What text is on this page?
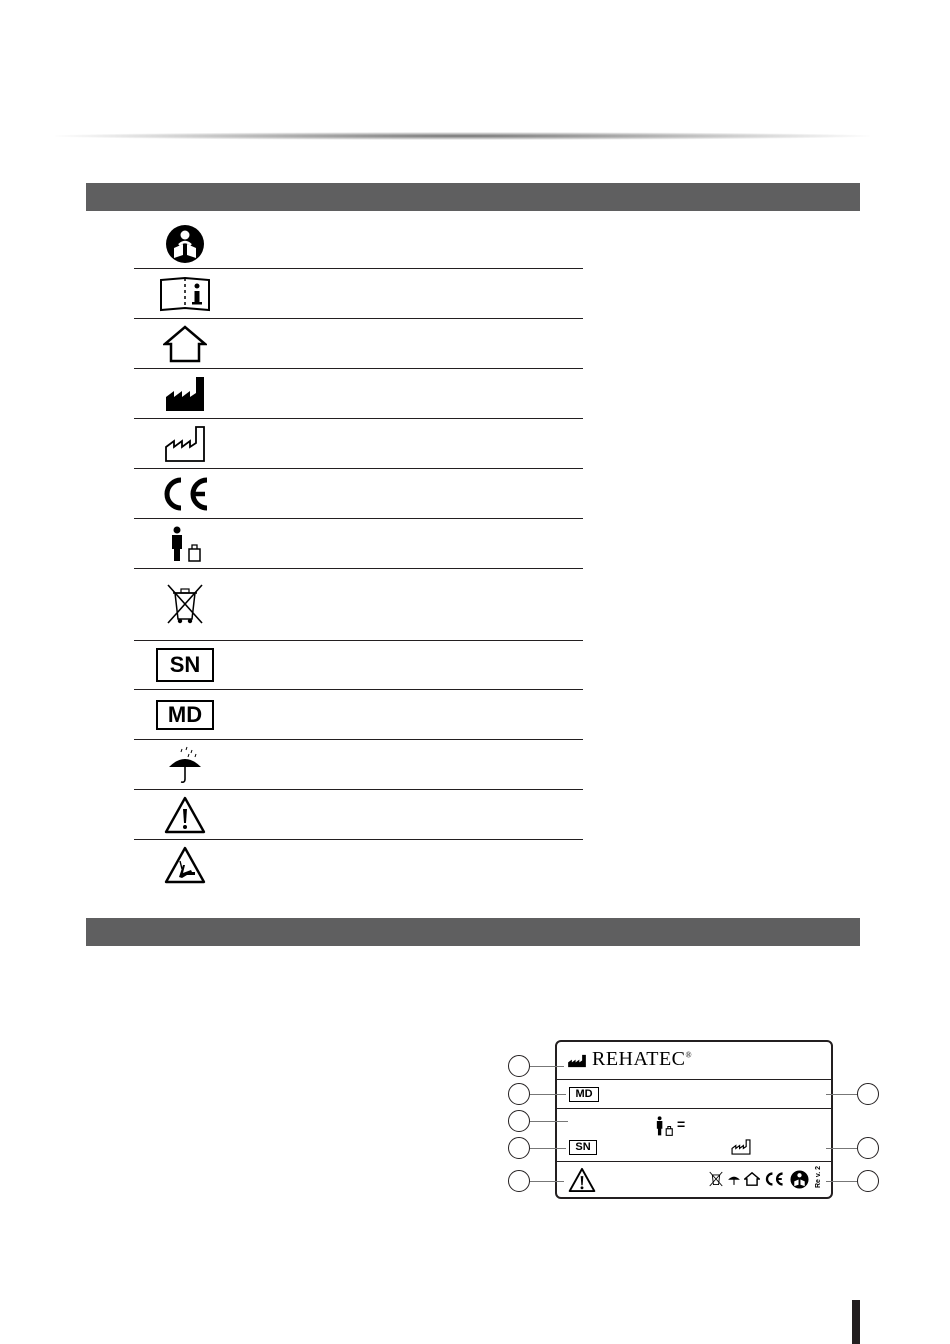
SN
MD
REHATEC®
MD
=
SN
Re v. 2
